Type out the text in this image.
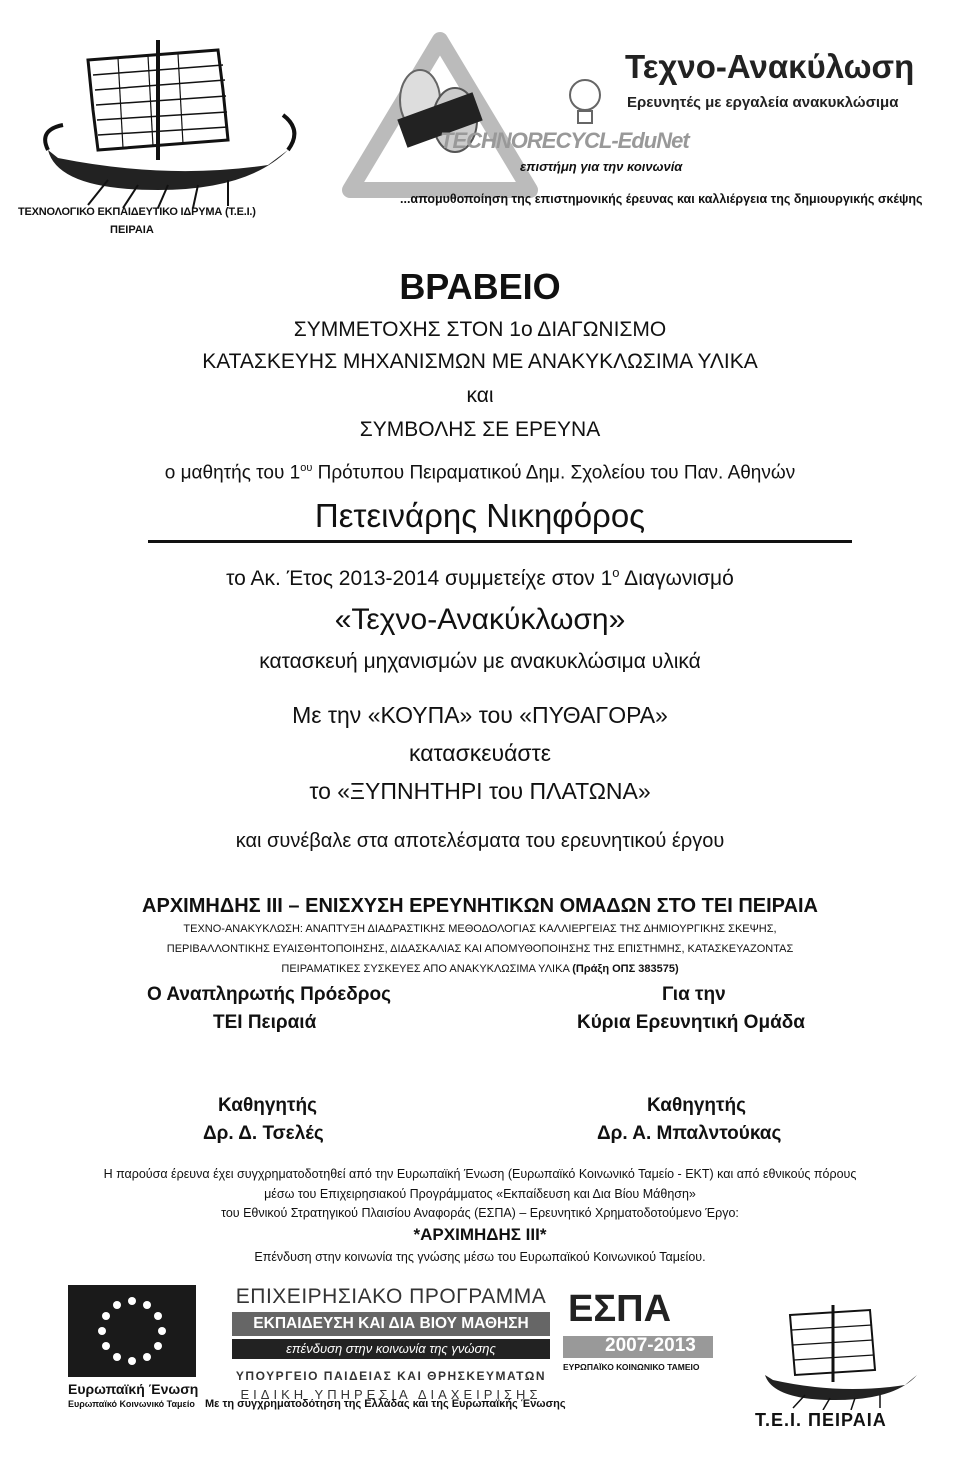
ΤΕΧΝΟΛΟΓΙΚΟ ΕΚΠΑΙΔΕΥΤΙΚΟ ΙΔΡΥΜΑ (Τ.Ε.Ι.)
ΠΕΙΡΑΙΑ
Τεχνο-Ανακύλωση
Ερευνητές με εργαλεία ανακυκλώσιμα
TECHNORECYCL-EduNet
επιστήμη για την κοινωνία
...απομυθοποίηση της επιστημονικής έρευνας και καλλιέργεια της δημιουργικής σκέψης
ΒΡΑΒΕΙΟ
ΣΥΜΜΕΤΟΧΗΣ ΣΤΟΝ 1ο ΔΙΑΓΩΝΙΣΜΟ
ΚΑΤΑΣΚΕΥΗΣ ΜΗΧΑΝΙΣΜΩΝ ΜΕ ΑΝΑΚΥΚΛΩΣΙΜΑ ΥΛΙΚΑ
και
ΣΥΜΒΟΛΗΣ ΣΕ ΕΡΕΥΝΑ
ο μαθητής του $1^{o\upsilon}$ Πρότυπου Πειραματικού Δημ. Σχολείου του Παν. Αθηνών
Πετεινάρης Νικηφόρος
το Ακ. Έτος 2013-2014 συμμετείχε στον $1^o$ Διαγωνισμό
«Τεχνο-Ανακύκλωση»
κατασκευή μηχανισμών με ανακυκλώσιμα υλικά
Με την «ΚΟΥΠΑ» του «ΠΥΘΑΓΟΡΑ»
κατασκευάστε
το «ΞΥΠΝΗΤΗΡΙ του ΠΛΑΤΩΝΑ»
και συνέβαλε στα αποτελέσματα του ερευνητικού έργου
ΑΡΧΙΜΗΔΗΣ ΙΙΙ – ΕΝΙΣΧΥΣΗ ΕΡΕΥΝΗΤΙΚΩΝ ΟΜΑΔΩΝ ΣΤΟ ΤΕΙ ΠΕΙΡΑΙΑ
ΤΕΧΝΟ-ΑΝΑΚΥΚΛΩΣΗ: ΑΝΑΠΤΥΞΗ ΔΙΑΔΡΑΣΤΙΚΗΣ ΜΕΘΟΔΟΛΟΓΙΑΣ ΚΑΛΛΙΕΡΓΕΙΑΣ ΤΗΣ ΔΗΜΙΟΥΡΓΙΚΗΣ ΣΚΕΨΗΣ,
ΠΕΡΙΒΑΛΛΟΝΤΙΚΗΣ ΕΥΑΙΣΘΗΤΟΠΟΙΗΣΗΣ, ΔΙΔΑΣΚΑΛΙΑΣ ΚΑΙ ΑΠΟΜΥΘΟΠΟΙΗΣΗΣ ΤΗΣ ΕΠΙΣΤΗΜΗΣ, ΚΑΤΑΣΚΕΥΑΖΟΝΤΑΣ
ΠΕΙΡΑΜΑΤΙΚΕΣ ΣΥΣΚΕΥΕΣ ΑΠΟ ΑΝΑΚΥΚΛΩΣΙΜΑ ΥΛΙΚΑ (Πράξη ΟΠΣ 383575)
Ο Αναπληρωτής Πρόεδρος
ΤΕΙ Πειραιά
Για την
Κύρια Ερευνητική Ομάδα
Καθηγητής
Δρ. Δ. Τσελές
Καθηγητής
Δρ. Α. Μπαλντούκας
Η παρούσα έρευνα έχει συγχρηματοδοτηθεί από την Ευρωπαϊκή Ένωση (Ευρωπαϊκό Κοινωνικό Ταμείο - ΕΚΤ) και από εθνικούς πόρους
μέσω του Επιχειρησιακού Προγράμματος «Εκπαίδευση και Δια Βίου Μάθηση»
του Εθνικού Στρατηγικού Πλαισίου Αναφοράς (ΕΣΠΑ) – Ερευνητικό Χρηματοδοτούμενο Έργο:
*ΑΡΧΙΜΗΔΗΣ ΙΙΙ*
Επένδυση στην κοινωνία της γνώσης μέσω του Ευρωπαϊκού Κοινωνικού Ταμείου.
Ευρωπαϊκή Ένωση
Ευρωπαϊκό Κοινωνικό Ταμείο
ΕΠΙΧΕΙΡΗΣΙΑΚΟ ΠΡΟΓΡΑΜΜΑ
ΕΚΠΑΙΔΕΥΣΗ ΚΑΙ ΔΙΑ ΒΙΟΥ ΜΑΘΗΣΗ
επένδυση στην κοινωνία της γνώσης
ΥΠΟΥΡΓΕΙΟ ΠΑΙΔΕΙΑΣ ΚΑΙ ΘΡΗΣΚΕΥΜΑΤΩΝ
ΕΙΔΙΚΗ ΥΠΗΡΕΣΙΑ ΔΙΑΧΕΙΡΙΣΗΣ
ΕΣΠΑ
2007-2013
ΕΥΡΩΠΑΪΚΟ ΚΟΙΝΩΝΙΚΟ ΤΑΜΕΙΟ
Με τη συγχρηματοδότηση της Ελλάδας και της Ευρωπαϊκής Ένωσης
Τ.Ε.Ι. ΠΕΙΡΑΙΑ
